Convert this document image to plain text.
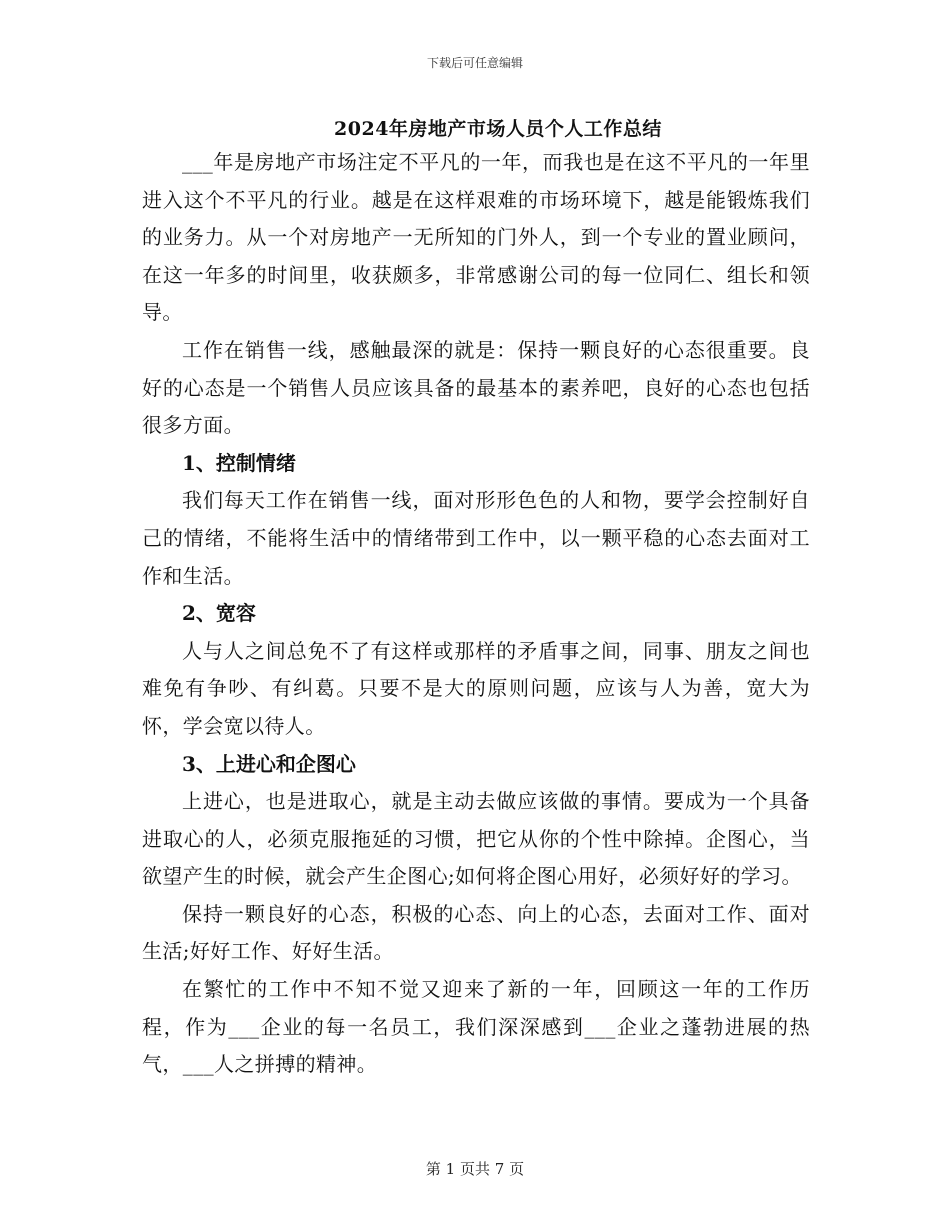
下载后可任意编辑
2024年房地产市场人员个人工作总结

___年是房地产市场注定不平凡的一年，而我也是在这不平凡的一年里进入这个不平凡的行业。越是在这样艰难的市场环境下，越是能锻炼我们的业务力。从一个对房地产一无所知的门外人，到一个专业的置业顾问，在这一年多的时间里，收获颇多，非常感谢公司的每一位同仁、组长和领导。

工作在销售一线，感触最深的就是：保持一颗良好的心态很重要。良好的心态是一个销售人员应该具备的最基本的素养吧，良好的心态也包括很多方面。

1、控制情绪

我们每天工作在销售一线，面对形形色色的人和物，要学会控制好自己的情绪，不能将生活中的情绪带到工作中，以一颗平稳的心态去面对工作和生活。

2、宽容

人与人之间总免不了有这样或那样的矛盾事之间，同事、朋友之间也难免有争吵、有纠葛。只要不是大的原则问题，应该与人为善，宽大为怀，学会宽以待人。

3、上进心和企图心

上进心，也是进取心，就是主动去做应该做的事情。要成为一个具备进取心的人，必须克服拖延的习惯，把它从你的个性中除掉。企图心，当欲望产生的时候，就会产生企图心;如何将企图心用好，必须好好的学习。

保持一颗良好的心态，积极的心态、向上的心态，去面对工作、面对生活;好好工作、好好生活。

在繁忙的工作中不知不觉又迎来了新的一年，回顾这一年的工作历程，作为___企业的每一名员工，我们深深感到___企业之蓬勃进展的热气，___人之拼搏的精神。

第 1 页共 7 页
